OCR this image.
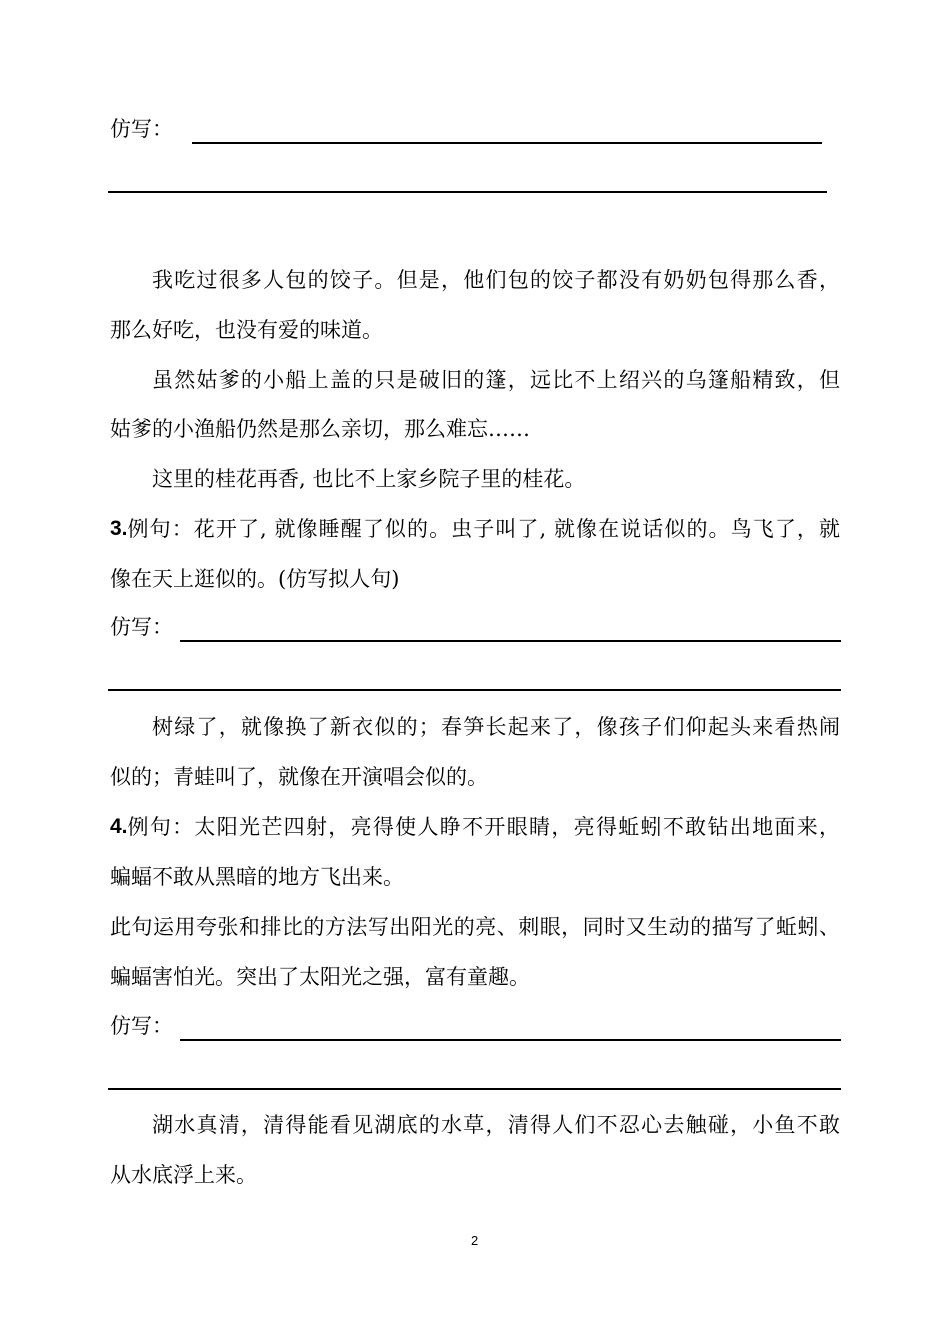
仿写：
我吃过很多人包的饺子。但是，他们包的饺子都没有奶奶包得那么香，
那么好吃，也没有爱的味道。
虽然姑爹的小船上盖的只是破旧的篷，远比不上绍兴的乌篷船精致，但
姑爹的小渔船仍然是那么亲切，那么难忘……
这里的桂花再香, 也比不上家乡院子里的桂花。
3. 例句：花开了, 就像睡醒了似的。虫子叫了, 就像在说话似的。鸟飞了，就
像在天上逛似的。(仿写拟人句)
仿写：
树绿了，就像换了新衣似的；春笋长起来了，像孩子们仰起头来看热闹
似的；青蛙叫了，就像在开演唱会似的。
4. 例句：太阳光芒四射，亮得使人睁不开眼睛，亮得蚯蚓不敢钻出地面来，
蝙蝠不敢从黑暗的地方飞出来。
此句运用夸张和排比的方法写出阳光的亮、刺眼，同时又生动的描写了蚯蚓、
蝙蝠害怕光。突出了太阳光之强，富有童趣。
仿写：
湖水真清，清得能看见湖底的水草，清得人们不忍心去触碰，小鱼不敢
从水底浮上来。
2
